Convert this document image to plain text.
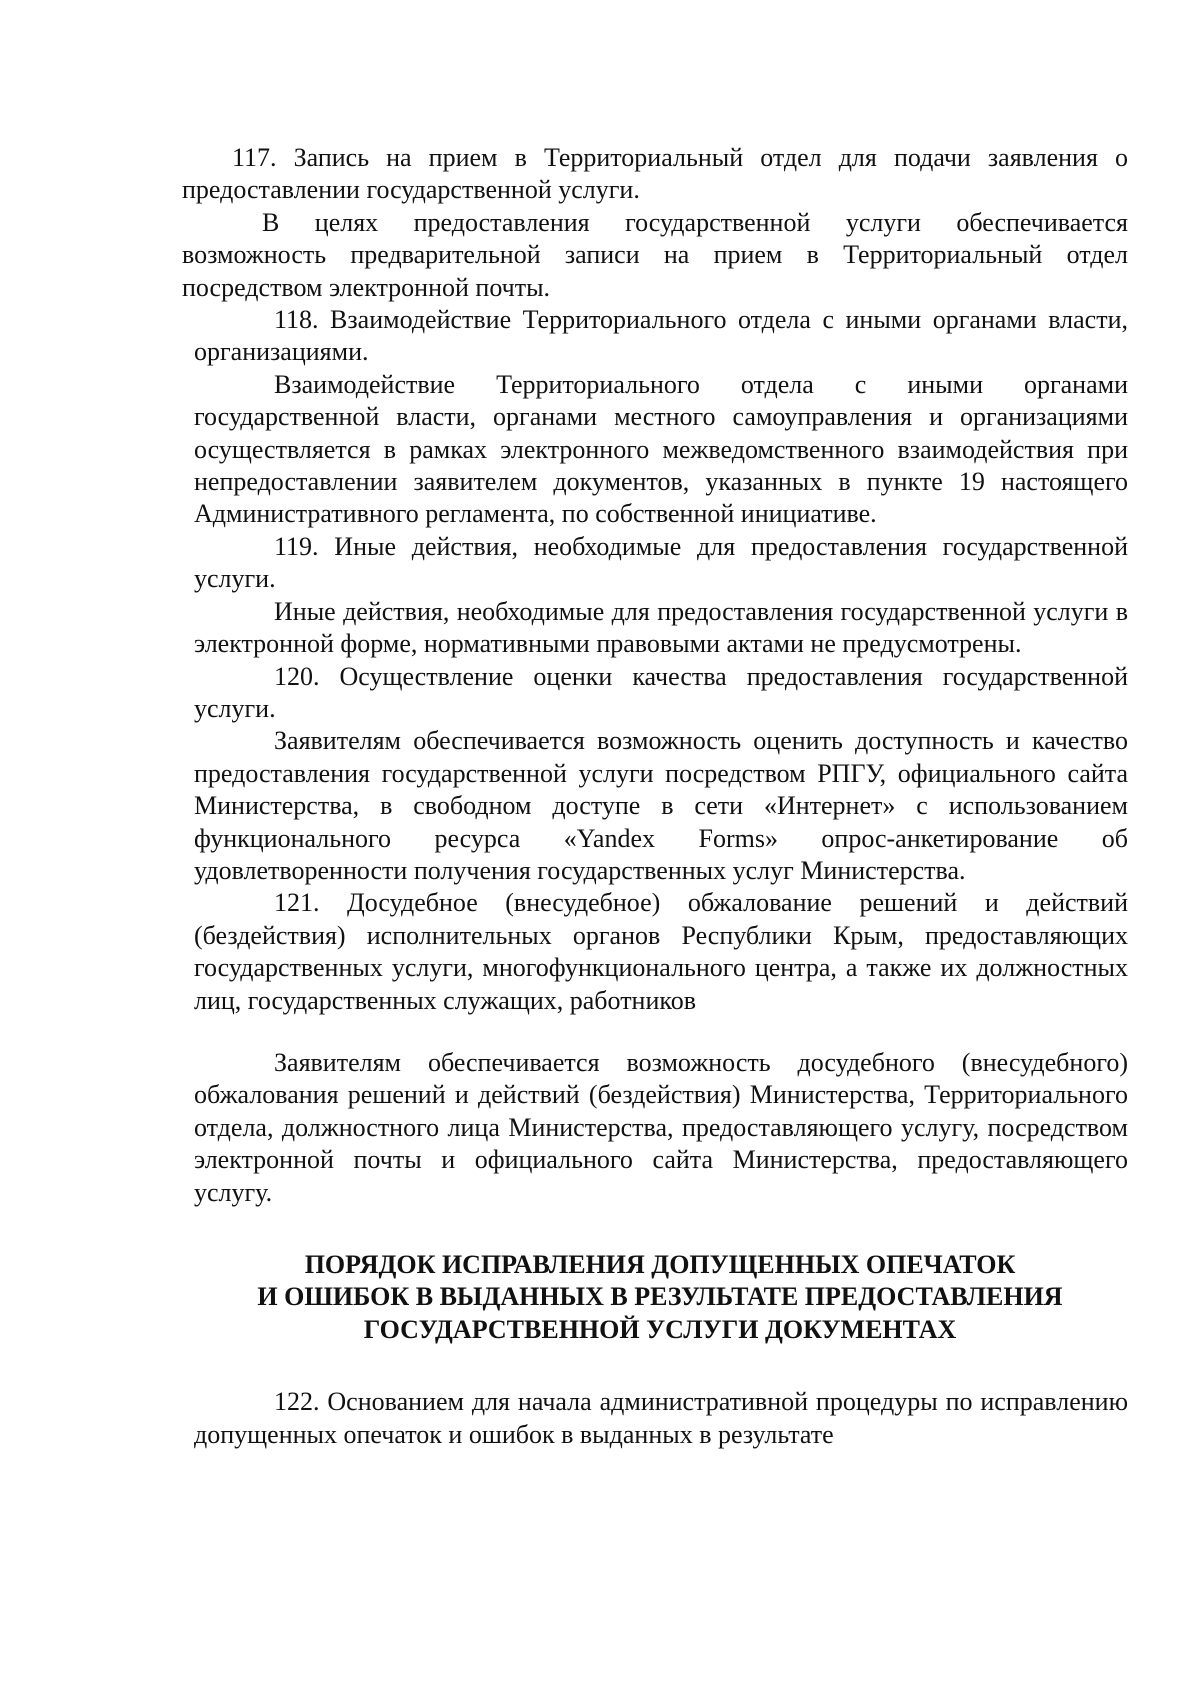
117. Запись на прием в Территориальный отдел для подачи заявления о предоставлении государственной услуги.

В целях предоставления государственной услуги обеспечивается возможность предварительной записи на прием в Территориальный отдел посредством электронной почты.

118. Взаимодействие Территориального отдела с иными органами власти, организациями.

Взаимодействие Территориального отдела с иными органами государственной власти, органами местного самоуправления и организациями осуществляется в рамках электронного межведомственного взаимодействия при непредоставлении заявителем документов, указанных в пункте 19 настоящего Административного регламента, по собственной инициативе.

119. Иные действия, необходимые для предоставления государственной услуги.

Иные действия, необходимые для предоставления государственной услуги в электронной форме, нормативными правовыми актами не предусмотрены.

120. Осуществление оценки качества предоставления государственной услуги.

Заявителям обеспечивается возможность оценить доступность и качество предоставления государственной услуги посредством РПГУ, официального сайта Министерства, в свободном доступе в сети «Интернет» с использованием функционального ресурса «Yandex Forms» опрос-анкетирование об удовлетворенности получения государственных услуг Министерства.

121. Досудебное (внесудебное) обжалование решений и действий (бездействия) исполнительных органов Республики Крым, предоставляющих государственных услуги, многофункционального центра, а также их должностных лиц, государственных служащих, работников

Заявителям обеспечивается возможность досудебного (внесудебного) обжалования решений и действий (бездействия) Министерства, Территориального отдела, должностного лица Министерства, предоставляющего услугу, посредством электронной почты и официального сайта Министерства, предоставляющего услугу.

ПОРЯДОК ИСПРАВЛЕНИЯ ДОПУЩЕННЫХ ОПЕЧАТОК

И ОШИБОК В ВЫДАННЫХ В РЕЗУЛЬТАТЕ ПРЕДОСТАВЛЕНИЯ

ГОСУДАРСТВЕННОЙ УСЛУГИ ДОКУМЕНТАХ

122. Основанием для начала административной процедуры по исправлению допущенных опечаток и ошибок в выданных в результате
